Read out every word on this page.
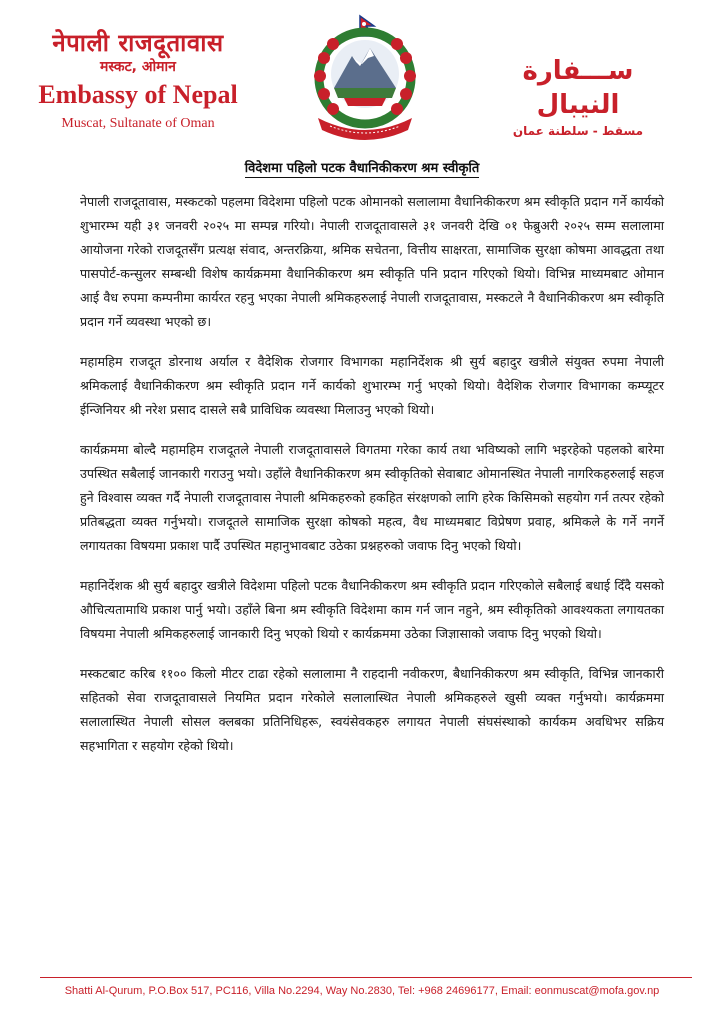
नेपाली राजदूतावास
मस्कट, ओमान
Embassy of Nepal
Muscat, Sultanate of Oman
ســـفارة النيبال
مسقط - سلطنة عمان
विदेशमा पहिलो पटक वैधानिकीकरण श्रम स्वीकृति

नेपाली राजदूतावास, मस्कटको पहलमा विदेशमा पहिलो पटक ओमानको सलालामा वैधानिकीकरण श्रम स्वीकृति प्रदान गर्ने कार्यको शुभारम्भ यही ३१ जनवरी २०२५ मा सम्पन्न गरियो। नेपाली राजदूतावासले ३१ जनवरी देखि ०१ फेब्रुअरी २०२५ सम्म सलालामा आयोजना गरेको राजदूतसँग प्रत्यक्ष संवाद, अन्तरक्रिया, श्रमिक सचेतना, वित्तीय साक्षरता, सामाजिक सुरक्षा कोषमा आवद्धता तथा पासपोर्ट-कन्सुलर सम्बन्धी विशेष कार्यक्रममा वैधानिकीकरण श्रम स्वीकृति पनि प्रदान गरिएको थियो। विभिन्न माध्यमबाट ओमान आई वैध रुपमा कम्पनीमा कार्यरत रहनु भएका नेपाली श्रमिकहरुलाई नेपाली राजदूतावास, मस्कटले नै वैधानिकीकरण श्रम स्वीकृति प्रदान गर्ने व्यवस्था भएको छ।

महामहिम राजदूत डोरनाथ अर्याल र वैदेशिक रोजगार विभागका महानिर्देशक श्री सुर्य बहादुर खत्रीले संयुक्त रुपमा नेपाली श्रमिकलाई वैधानिकीकरण श्रम स्वीकृति प्रदान गर्ने कार्यको शुभारम्भ गर्नु भएको थियो। वैदेशिक रोजगार विभागका कम्प्यूटर ईन्जिनियर श्री नरेश प्रसाद दासले सबै प्राविधिक व्यवस्था मिलाउनु भएको थियो।

कार्यक्रममा बोल्दै महामहिम राजदूतले नेपाली राजदूतावासले विगतमा गरेका कार्य तथा भविष्यको लागि भइरहेको पहलको बारेमा उपस्थित सबैलाई जानकारी गराउनु भयो। उहाँले वैधानिकीकरण श्रम स्वीकृतिको सेवाबाट ओमानस्थित नेपाली नागरिकहरुलाई सहज हुने विश्वास व्यक्त गर्दै नेपाली राजदूतावास नेपाली श्रमिकहरुको हकहित संरक्षणको लागि हरेक किसिमको सहयोग गर्न तत्पर रहेको प्रतिबद्धता व्यक्त गर्नुभयो। राजदूतले सामाजिक सुरक्षा कोषको महत्व, वैध माध्यमबाट विप्रेषण प्रवाह, श्रमिकले के गर्ने नगर्ने लगायतका विषयमा प्रकाश पार्दै उपस्थित महानुभावबाट उठेका प्रश्नहरुको जवाफ दिनु भएको थियो।

महानिर्देशक श्री सुर्य बहादुर खत्रीले विदेशमा पहिलो पटक वैधानिकीकरण श्रम स्वीकृति प्रदान गरिएकोले सबैलाई बधाई दिँदै यसको औचित्यतामाथि प्रकाश पार्नु भयो। उहाँले बिना श्रम स्वीकृति विदेशमा काम गर्न जान नहुने, श्रम स्वीकृतिको आवश्यकता लगायतका विषयमा नेपाली श्रमिकहरुलाई जानकारी दिनु भएको थियो र कार्यक्रममा उठेका जिज्ञासाको जवाफ दिनु भएको थियो।

मस्कटबाट करिब ११०० किलो मीटर टाढा रहेको सलालामा नै राहदानी नवीकरण, बैधानिकीकरण श्रम स्वीकृति, विभिन्न जानकारी सहितको सेवा राजदूतावासले नियमित प्रदान गरेकोले सलालास्थित नेपाली श्रमिकहरुले खुसी व्यक्त गर्नुभयो। कार्यक्रममा सलालास्थित नेपाली सोसल क्लबका प्रतिनिधिहरू, स्वयंसेवकहरु लगायत नेपाली संघसंस्थाको कार्यकम अवधिभर सक्रिय सहभागिता र सहयोग रहेको थियो।

Shatti Al-Qurum, P.O.Box 517, PC116, Villa No.2294, Way No.2830, Tel: +968 24696177, Email: eonmuscat@mofa.gov.np
